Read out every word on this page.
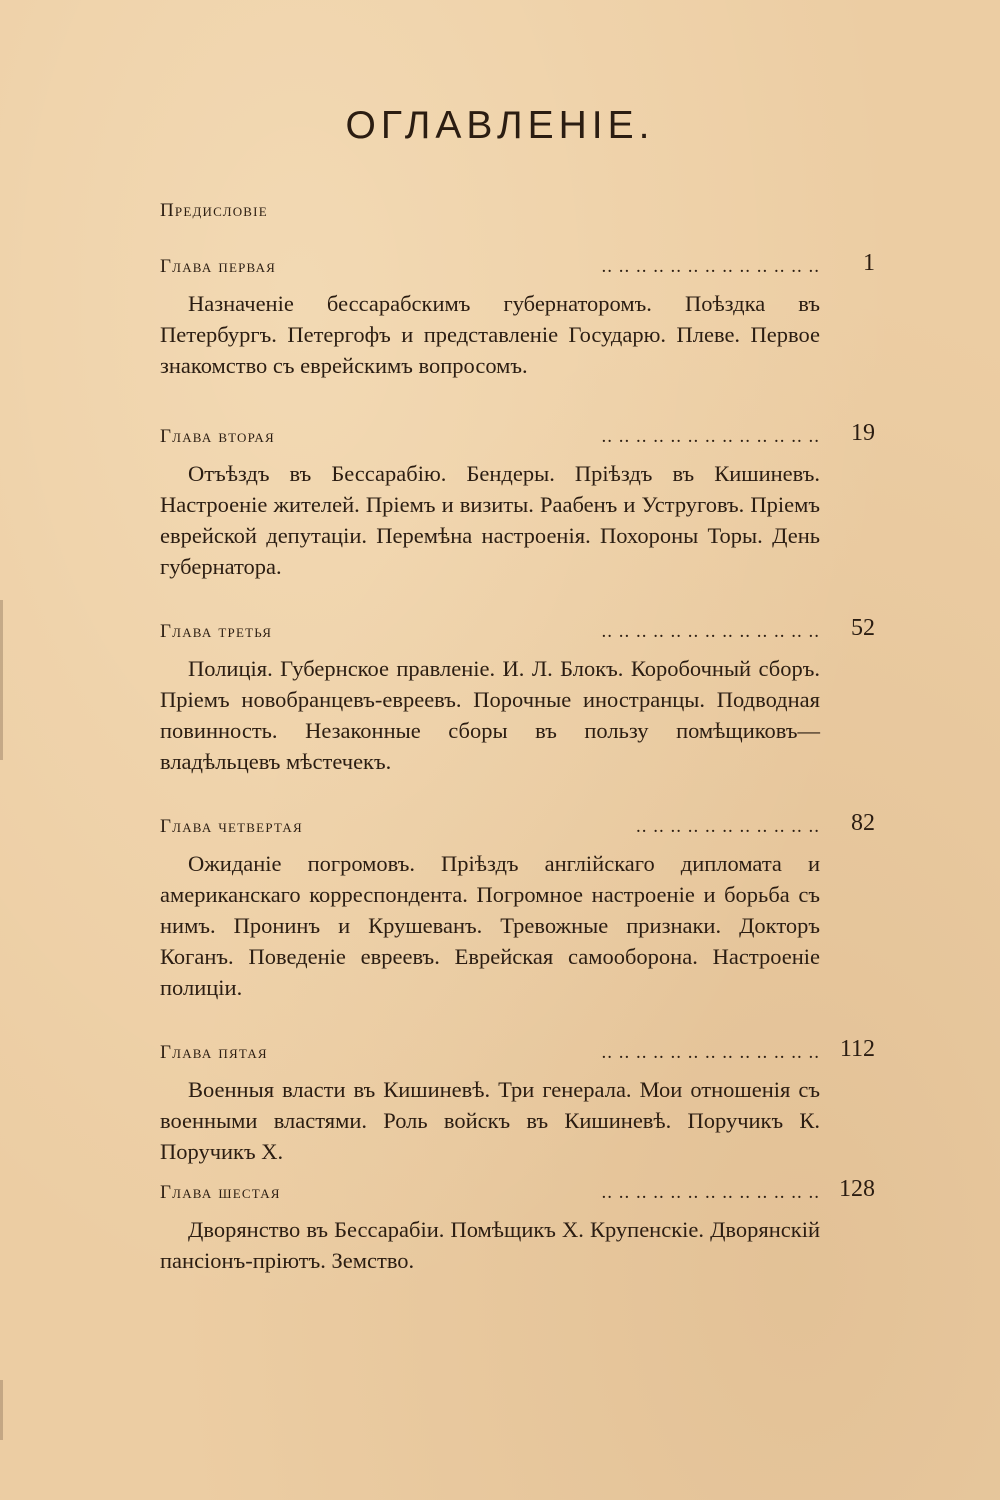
ОГЛАВЛЕНІЕ.
Предисловіе
Глава первая	.. .. .. .. .. .. .. .. .. .. .. .. .. 1
Назначеніе бессарабскимъ губернаторомъ. Поѣздка въ Петербургъ. Петергофъ и представленіе Государю. Плеве. Первое знакомство съ еврейскимъ вопросомъ.
Глава вторая	.. .. .. .. .. .. .. .. .. .. .. .. .. 19
Отъѣздъ въ Бессарабію. Бендеры. Пріѣздъ въ Кишиневъ. Настроеніе жителей. Пріемъ и визиты. Раабенъ и Уструговъ. Пріемъ еврейской депутаціи. Перемѣна настроенія. Похороны Торы. День губернатора.
Глава третья	.. .. .. .. .. .. .. .. .. .. .. .. .. 52
Полиція. Губернское правленіе. И. Л. Блокъ. Коробочный сборъ. Пріемъ новобранцевъ-евреевъ. Порочные иностранцы. Подводная повинность. Незаконные сборы въ пользу помѣщиковъ—владѣльцевъ мѣстечекъ.
Глава четвертая	.. .. .. .. .. .. .. .. .. .. .. 82
Ожиданіе погромовъ. Пріѣздъ англійскаго дипломата и американскаго корреспондента. Погромное настроеніе и борьба съ нимъ. Пронинъ и Крушеванъ. Тревожные признаки. Докторъ Коганъ. Поведеніе евреевъ. Еврейская самооборона. Настроеніе полиціи.
Глава пятая	.. .. .. .. .. .. .. .. .. .. .. .. .. 112
Военныя власти въ Кишиневѣ. Три генерала. Мои отношенія съ военными властями. Роль войскъ въ Кишиневѣ. Поручикъ К. Поручикъ Х.
Глава шестая	.. .. .. .. .. .. .. .. .. .. .. .. .. 128
Дворянство въ Бессарабіи. Помѣщикъ Х. Крупенскіе. Дворянскій пансіонъ-пріютъ. Земство.
